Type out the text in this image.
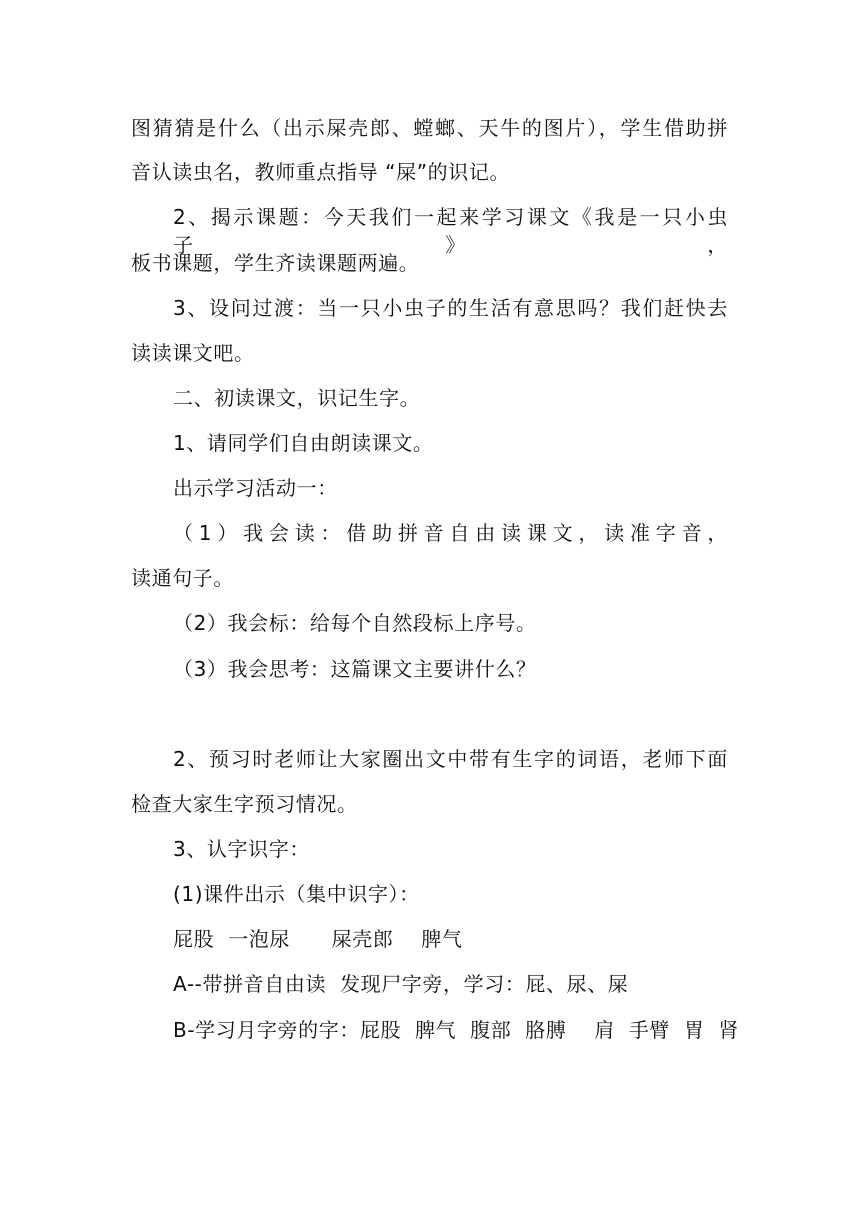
图猜猜是什么（出示屎壳郎、螳螂、天牛的图片），学生借助拼
音认读虫名，教师重点指导 “屎”的识记。
2、揭示课题：今天我们一起来学习课文《我是一只小虫子》，
板书课题，学生齐读课题两遍。
3、设问过渡：当一只小虫子的生活有意思吗？我们赶快去
读读课文吧。
二、初读课文，识记生字。
1、请同学们自由朗读课文。
出示学习活动一：
（1）我会读：借助拼音自由读课文，读准字音，
读通句子。
（2）我会标：给每个自然段标上序号。
（3）我会思考：这篇课文主要讲什么？
2、预习时老师让大家圈出文中带有生字的词语，老师下面
检查大家生字预习情况。
3、认字识字：
(1)课件出示（集中识字）：
屁股  一泡尿      屎壳郎    脾气
A--带拼音自由读  发现尸字旁，学习：屁、尿、屎
B-学习月字旁的字：屁股  脾气  腹部  胳膊    肩  手臂  胃  肾
